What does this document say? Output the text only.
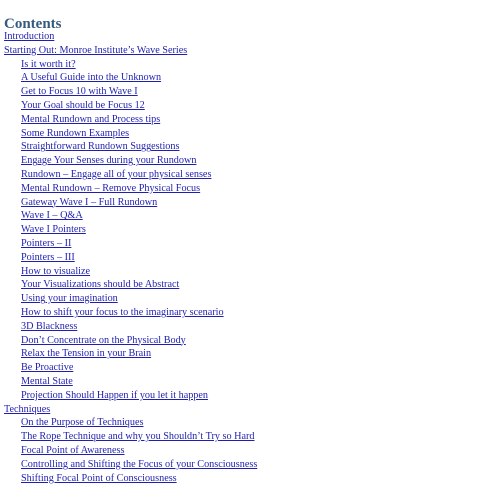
Contents
Introduction
Starting Out: Monroe Institute’s Wave Series
Is it worth it?
A Useful Guide into the Unknown
Get to Focus 10 with Wave I
Your Goal should be Focus 12
Mental Rundown and Process tips
Some Rundown Examples
Straightforward Rundown Suggestions
Engage Your Senses during your Rundown
Rundown – Engage all of your physical senses
Mental Rundown – Remove Physical Focus
Gateway Wave I – Full Rundown
Wave I – Q&A
Wave I Pointers
Pointers – II
Pointers – III
How to visualize
Your Visualizations should be Abstract
Using your imagination
How to shift your focus to the imaginary scenario
3D Blackness
Don’t Concentrate on the Physical Body
Relax the Tension in your Brain
Be Proactive
Mental State
Projection Should Happen if you let it happen
Techniques
On the Purpose of Techniques
The Rope Technique and why you Shouldn’t Try so Hard
Focal Point of Awareness
Controlling and Shifting the Focus of your Consciousness
Shifting Focal Point of Consciousness
